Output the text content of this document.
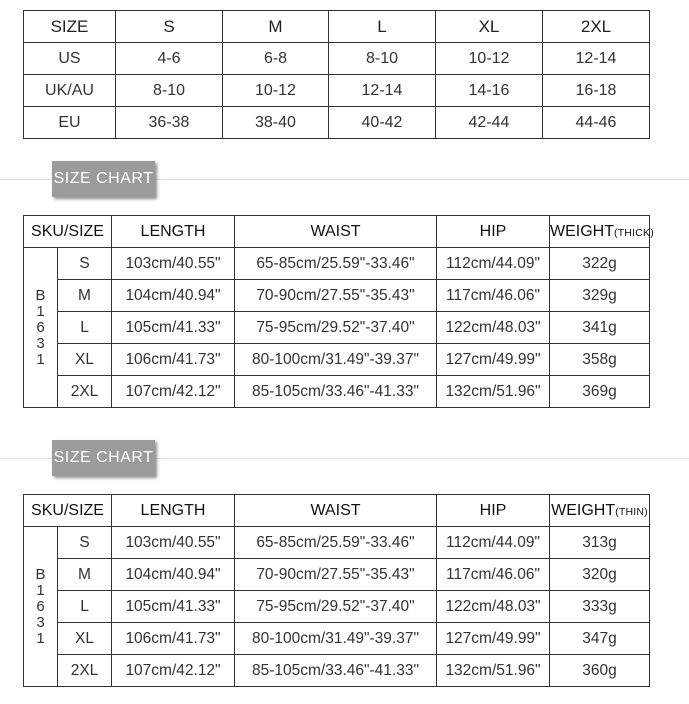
SIZE	S	M	L	XL	2XL
US	4-6	6-8	8-10	10-12	12-14
UK/AU	8-10	10-12	12-14	14-16	16-18
EU	36-38	38-40	40-42	42-44	44-46
SIZE CHART
SKU/SIZE		LENGTH	WAIST	HIP	WEIGHT(THICK)
B1631	S	103cm/40.55"	65-85cm/25.59"-33.46"	112cm/44.09"	322g
	M	104cm/40.94"	70-90cm/27.55"-35.43"	117cm/46.06"	329g
	L	105cm/41.33"	75-95cm/29.52"-37.40"	122cm/48.03"	341g
	XL	106cm/41.73"	80-100cm/31.49"-39.37"	127cm/49.99"	358g
	2XL	107cm/42.12"	85-105cm/33.46"-41.33"	132cm/51.96"	369g
SIZE CHART
SKU/SIZE		LENGTH	WAIST	HIP	WEIGHT(THIN)
B1631	S	103cm/40.55"	65-85cm/25.59"-33.46"	112cm/44.09"	313g
	M	104cm/40.94"	70-90cm/27.55"-35.43"	117cm/46.06"	320g
	L	105cm/41.33"	75-95cm/29.52"-37.40"	122cm/48.03"	333g
	XL	106cm/41.73"	80-100cm/31.49"-39.37"	127cm/49.99"	347g
	2XL	107cm/42.12"	85-105cm/33.46"-41.33"	132cm/51.96"	360g
